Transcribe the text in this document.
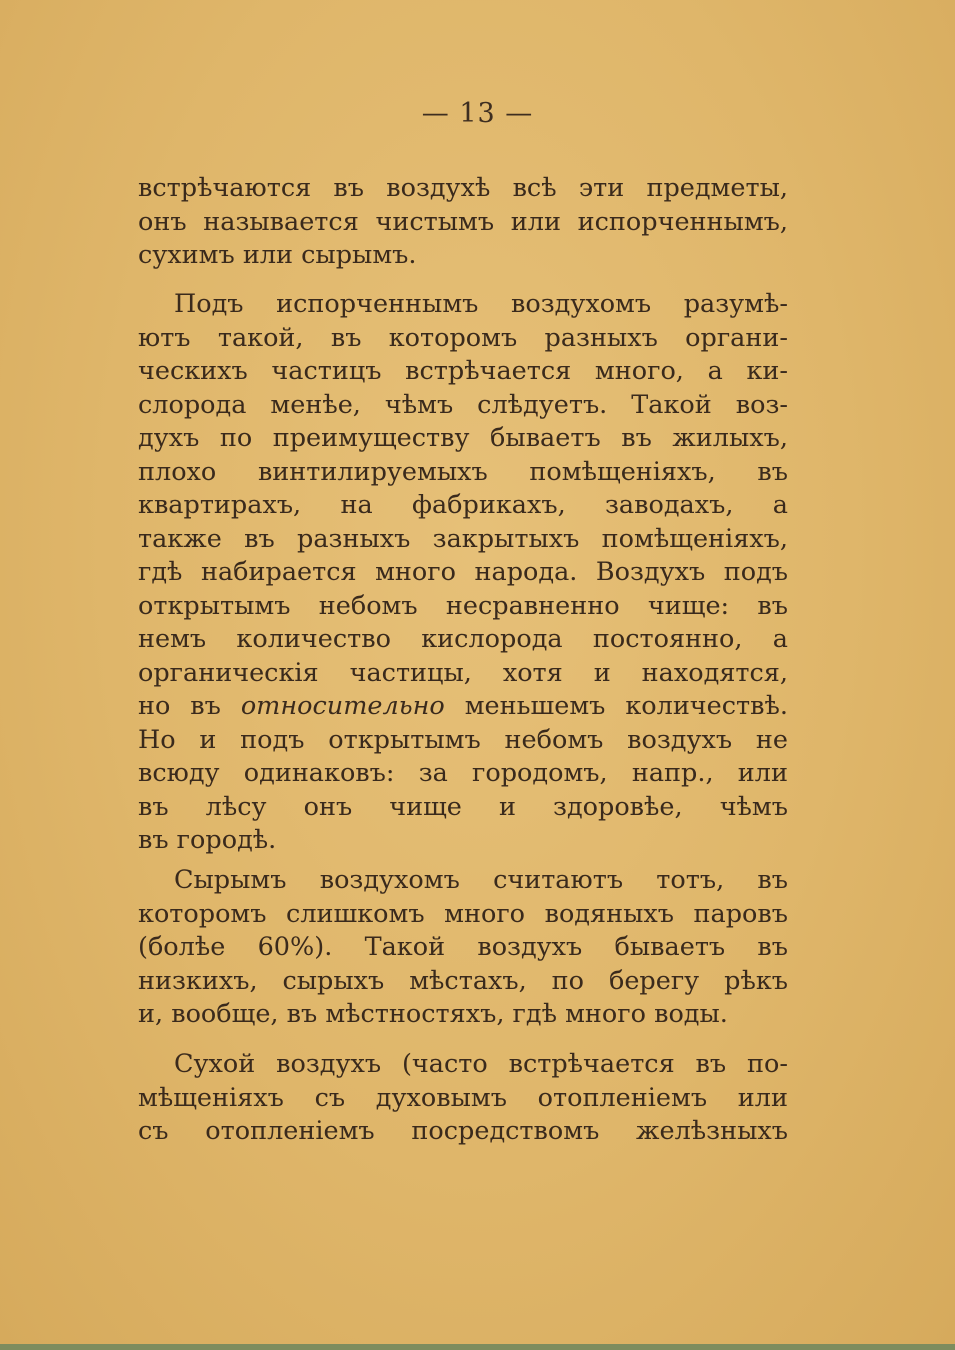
— 13 —
встрѣчаются въ воздухѣ всѣ эти предметы,
онъ называется чистымъ или испорченнымъ,
сухимъ или сырымъ.
Подъ испорченнымъ воздухомъ разумѣ-
ютъ такой, въ которомъ разныхъ органи-
ческихъ частицъ встрѣчается много, а ки-
слорода менѣе, чѣмъ слѣдуетъ. Такой воз-
духъ по преимуществу бываетъ въ жилыхъ,
плохо винтилируемыхъ помѣщеніяхъ, въ
квартирахъ, на фабрикахъ, заводахъ, а
также въ разныхъ закрытыхъ помѣщеніяхъ,
гдѣ набирается много народа. Воздухъ подъ
открытымъ небомъ несравненно чище: въ
немъ количество кислорода постоянно, а
органическія частицы, хотя и находятся,
но въ относительно меньшемъ количествѣ.
Но и подъ открытымъ небомъ воздухъ не
всюду одинаковъ: за городомъ, напр., или
въ лѣсу онъ чище и здоровѣе, чѣмъ
въ городѣ.
Сырымъ воздухомъ считаютъ тотъ, въ
которомъ слишкомъ много водяныхъ паровъ
(болѣе 60%). Такой воздухъ бываетъ въ
низкихъ, сырыхъ мѣстахъ, по берегу рѣкъ
и, вообще, въ мѣстностяхъ, гдѣ много воды.
Сухой воздухъ (часто встрѣчается въ по-
мѣщеніяхъ съ духовымъ отопленіемъ или
съ отопленіемъ посредствомъ желѣзныхъ
